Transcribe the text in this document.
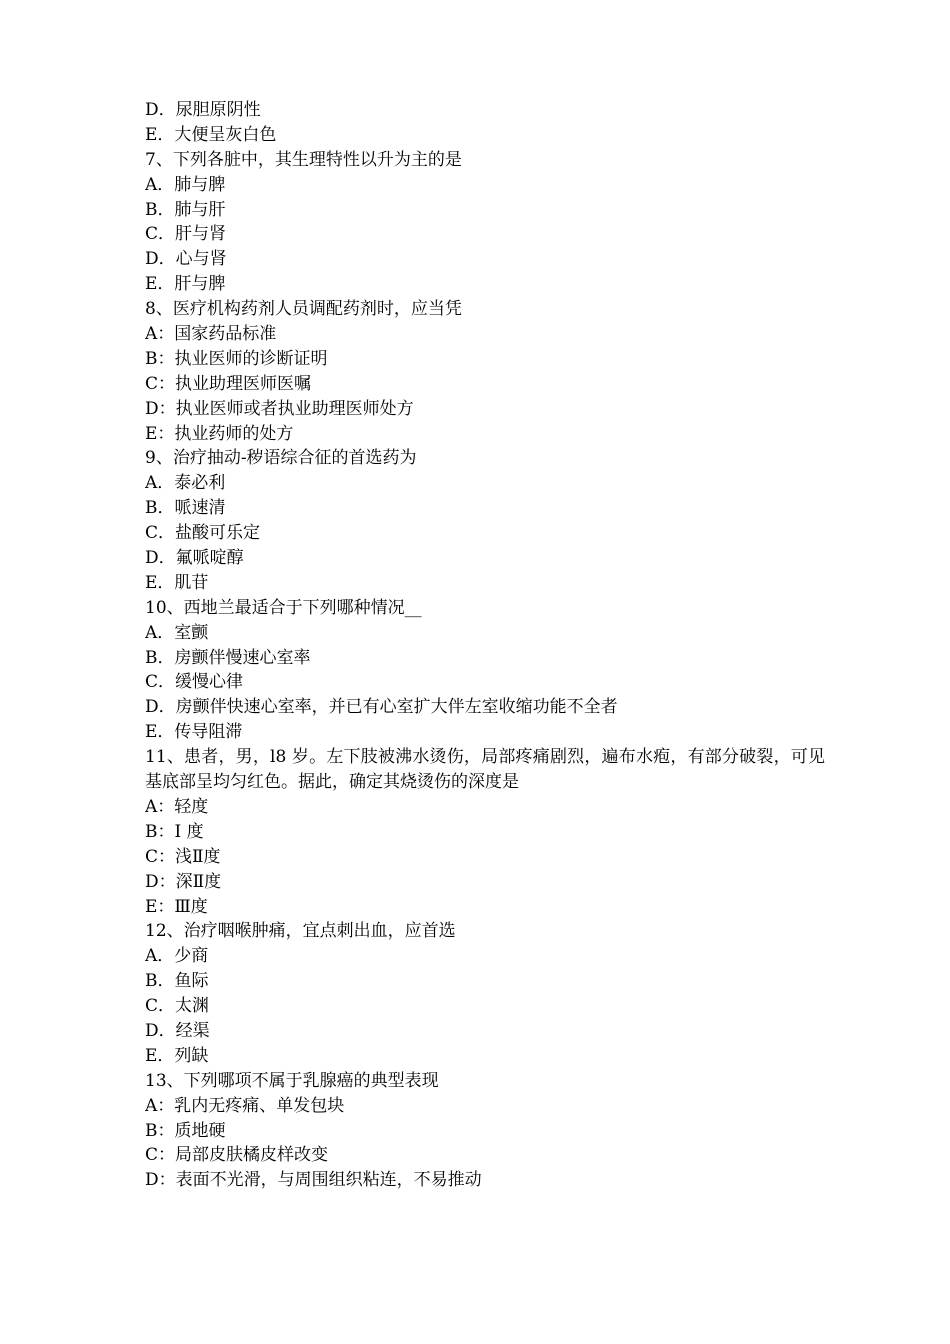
D．尿胆原阴性
E．大便呈灰白色
7、下列各脏中，其生理特性以升为主的是
A．肺与脾
B．肺与肝
C．肝与肾
D．心与肾
E．肝与脾
8、医疗机构药剂人员调配药剂时，应当凭
A：国家药品标准
B：执业医师的诊断证明
C：执业助理医师医嘱
D：执业医师或者执业助理医师处方
E：执业药师的处方
9、治疗抽动-秽语综合征的首选药为
A．泰必利
B．哌速清
C．盐酸可乐定
D．氟哌啶醇
E．肌苷
10、西地兰最适合于下列哪种情况__
A．室颤
B．房颤伴慢速心室率
C．缓慢心律
D．房颤伴快速心室率，并已有心室扩大伴左室收缩功能不全者
E．传导阻滞
11、患者，男，l8 岁。左下肢被沸水烫伤，局部疼痛剧烈，遍布水疱，有部分破裂，可见基底部呈均匀红色。据此，确定其烧烫伤的深度是
A：轻度
B：I 度
C：浅Ⅱ度
D：深Ⅱ度
E：Ⅲ度
12、治疗咽喉肿痛，宜点刺出血，应首选
A．少商
B．鱼际
C．太渊
D．经渠
E．列缺
13、下列哪项不属于乳腺癌的典型表现
A：乳内无疼痛、单发包块
B：质地硬
C：局部皮肤橘皮样改变
D：表面不光滑，与周围组织粘连，不易推动
